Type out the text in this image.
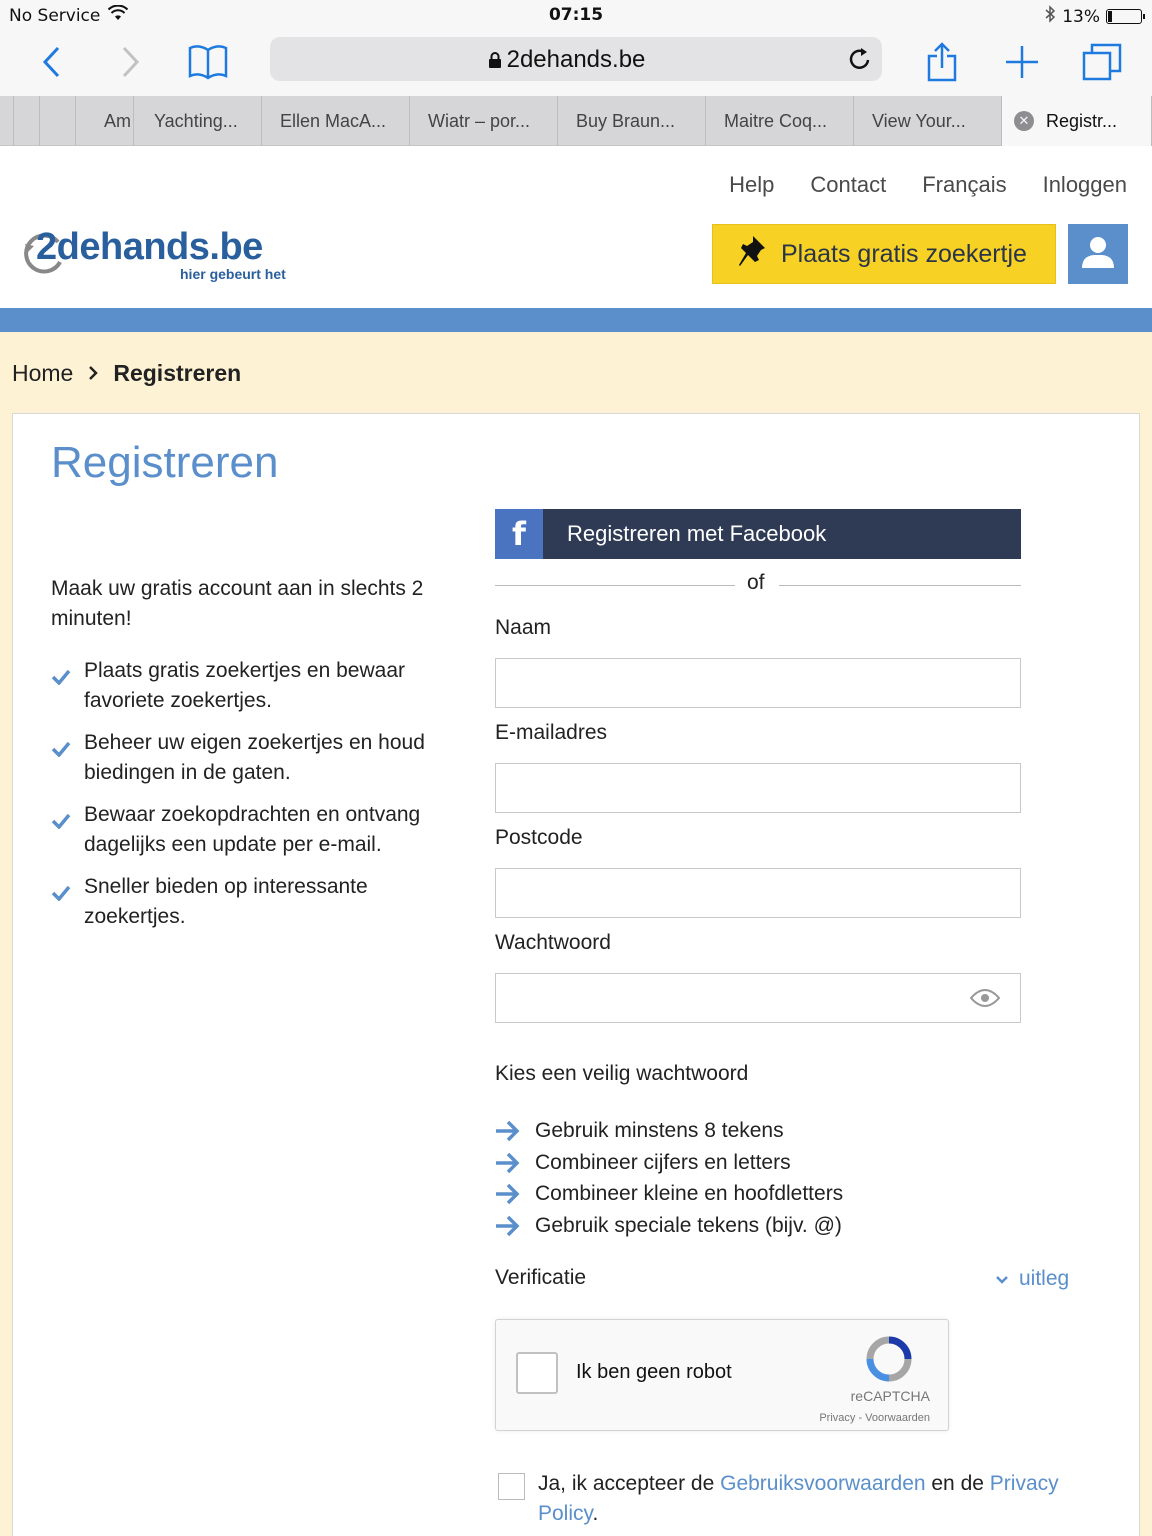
No Service	07:15	13%
2dehands.be
Am	Yachting...	Ellen MacA...	Wiatr – por...	Buy Braun...	Maitre Coq...	View Your...	✕ Registr...
Help Contact Français Inloggen
2dehands.be
hier gebeurt het
Plaats gratis zoekertje
Home Registreren
Registreren

Maak uw gratis account aan in slechts 2 minuten!

Plaats gratis zoekertjes en bewaar favoriete zoekertjes.
Beheer uw eigen zoekertjes en houd biedingen in de gaten.
Bewaar zoekopdrachten en ontvang dagelijks een update per e-mail.
Sneller bieden op interessante zoekertjes.
f	Registreren met Facebook
of
Naam
E-mailadres
Postcode
Wachtwoord
Kies een veilig wachtwoord
Gebruik minstens 8 tekens
Combineer cijfers en letters
Combineer kleine en hoofdletters
Gebruik speciale tekens (bijv. @)
Verificatie	uitleg
Ik ben geen robot
reCAPTCHA
Privacy - Voorwaarden
Ja, ik accepteer de Gebruiksvoorwaarden en de Privacy Policy.
